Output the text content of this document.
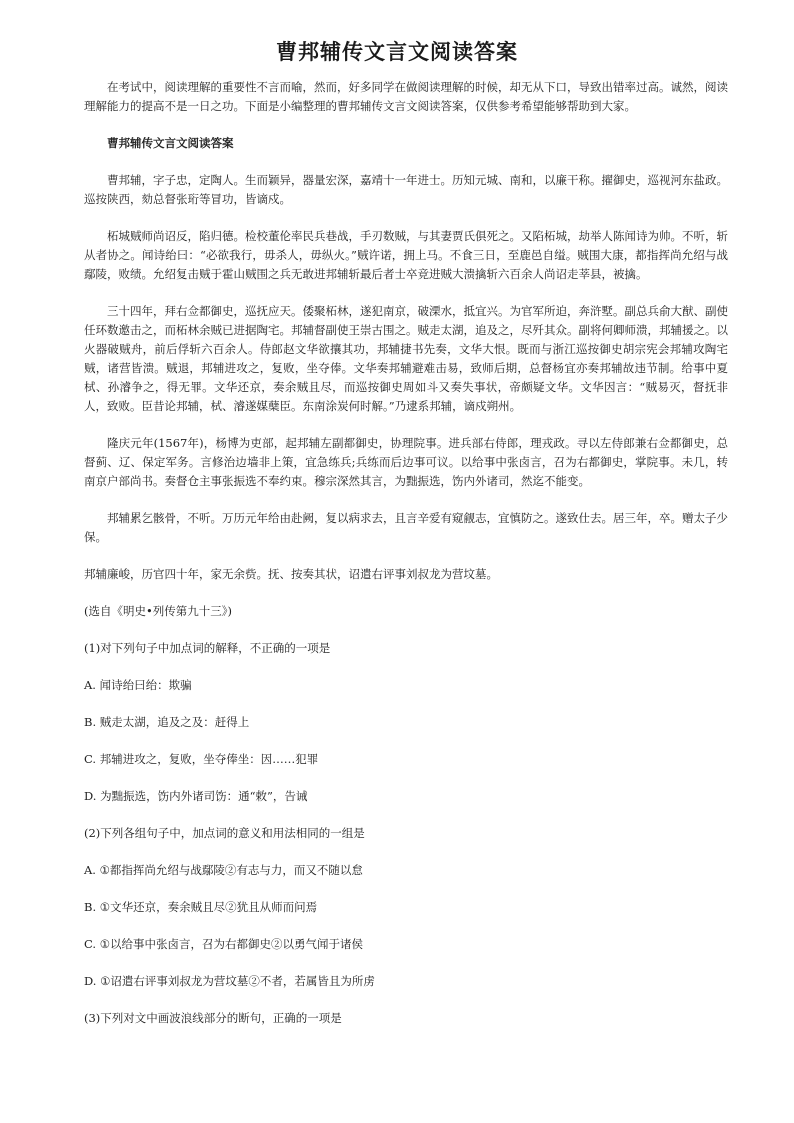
曹邦辅传文言文阅读答案

在考试中，阅读理解的重要性不言而喻，然而，好多同学在做阅读理解的时候，却无从下口，导致出错率过高。诚然，阅读理解能力的提高不是一日之功。下面是小编整理的曹邦辅传文言文阅读答案，仅供参考希望能够帮助到大家。

曹邦辅传文言文阅读答案

曹邦辅，字子忠，定陶人。生而颖异，器量宏深，嘉靖十一年进士。历知元城、南和，以廉干称。擢御史，巡视河东盐政。巡按陕西，劾总督张珩等冒功，皆谪戍。

柘城贼师尚诏反，陷归德。检校董伦率民兵巷战，手刃数贼，与其妻贾氏俱死之。又陷柘城，劫举人陈闻诗为帅。不听，斩从者协之。闻诗绐曰：“必欲我行，毋杀人，毋纵火。”贼许诺，拥上马。不食三日，至鹿邑自缢。贼围大康，都指挥尚允绍与战鄢陵，败绩。允绍复击贼于霍山贼围之兵无敢进邦辅斩最后者士卒竞进贼大溃擒斩六百余人尚诏走莘县，被擒。

三十四年，拜右佥都御史，巡抚应天。倭聚柘林，遂犯南京，破溧水，抵宜兴。为官军所迫，奔浒墅。副总兵俞大猷、副使任环数邀击之，而柘林余贼已进据陶宅。邦辅督副使王崇古围之。贼走太湖，追及之，尽歼其众。副将何卿师溃，邦辅援之。以火器破贼舟，前后俘斩六百余人。侍郎赵文华欲攘其功，邦辅捷书先奏，文华大恨。既而与浙江巡按御史胡宗宪会邦辅攻陶宅贼，诸营皆溃。贼退，邦辅进攻之，复败，坐夺俸。文华奏邦辅避难击易，致师后期，总督杨宜亦奏邦辅故违节制。给事中夏栻、孙濬争之，得无罪。文华还京，奏余贼且尽，而巡按御史周如斗又奏失事状，帝颇疑文华。文华因言：“贼易灭，督抚非人，致败。臣昔论邦辅，栻、濬遂媒蘖臣。东南涂炭何时解。”乃逮系邦辅，谪戍朔州。

隆庆元年(1567年)，杨博为吏部，起邦辅左副都御史，协理院事。进兵部右侍郎，理戎政。寻以左侍郎兼右佥都御史，总督蓟、辽、保定军务。言修治边墙非上策，宜急练兵;兵练而后边事可议。以给事中张卤言，召为右都御史，掌院事。未几，转南京户部尚书。奏督仓主事张振选不奉约束。穆宗深然其言，为黜振选，饬内外诸司，然迄不能变。

邦辅累乞骸骨，不听。万历元年给由赴阙，复以病求去，且言辛爱有窥觎志，宜慎防之。遂致仕去。居三年，卒。赠太子少保。

邦辅廉峻，历官四十年，家无余赀。抚、按奏其状，诏遣右评事刘叔龙为营坟墓。

(选自《明史•列传第九十三》)

(1)对下列句子中加点词的解释，不正确的一项是

A. 闻诗绐曰绐：欺骗

B. 贼走太湖，追及之及：赶得上

C. 邦辅进攻之，复败，坐夺俸坐：因……犯罪

D. 为黜振选，饬内外诸司饬：通“敕”，告诫

(2)下列各组句子中，加点词的意义和用法相同的一组是

A. ①都指挥尚允绍与战鄢陵②有志与力，而又不随以怠

B. ①文华还京，奏余贼且尽②犹且从师而问焉

C. ①以给事中张卤言，召为右都御史②以勇气闻于诸侯

D. ①诏遣右评事刘叔龙为营坟墓②不者，若属皆且为所虏

(3)下列对文中画波浪线部分的断句，正确的一项是
